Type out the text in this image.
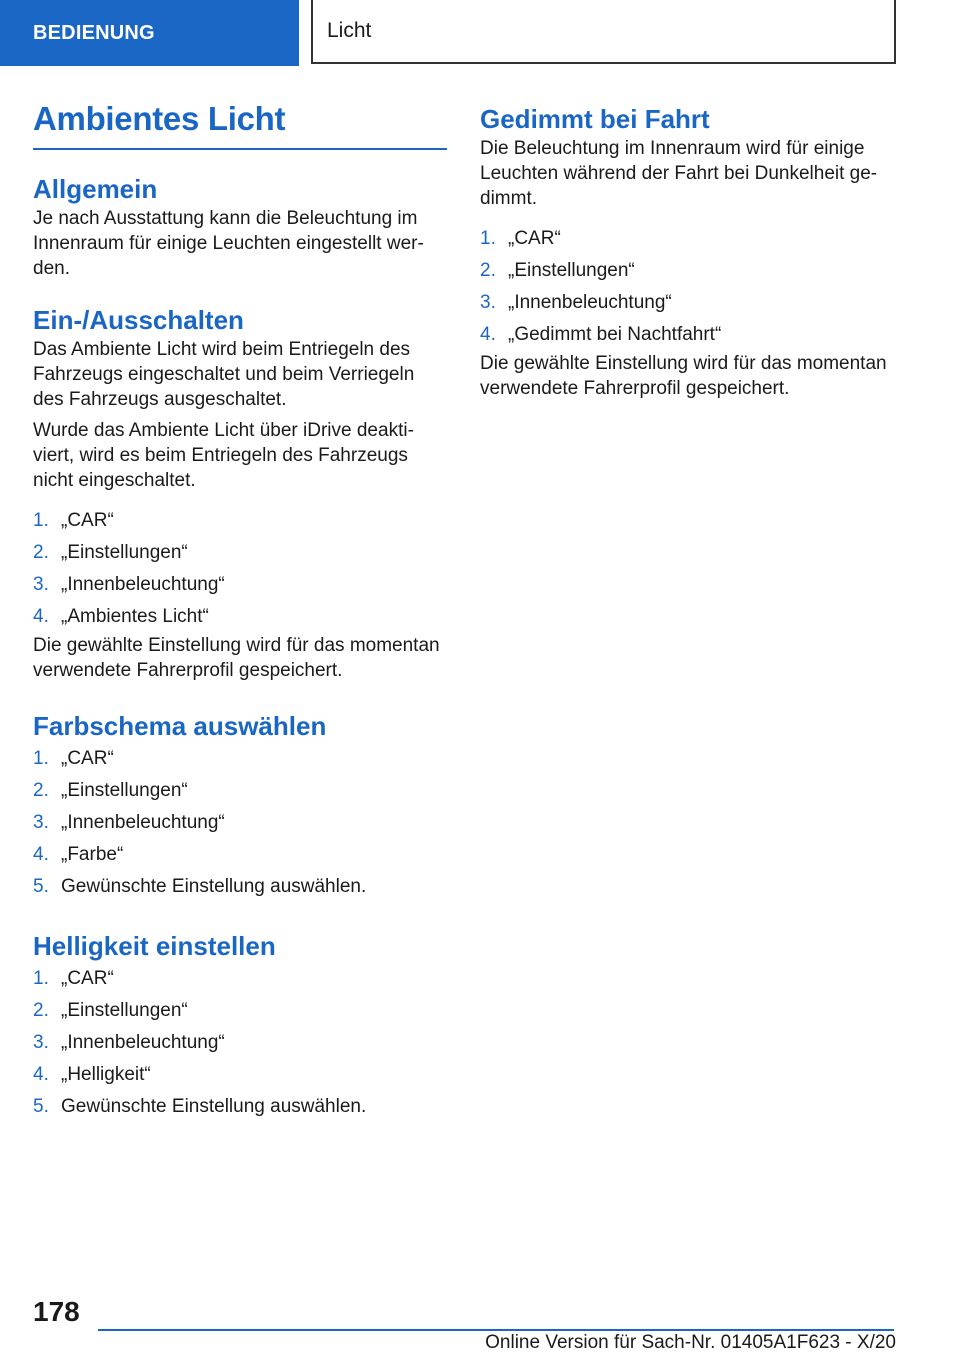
BEDIENUNG	Licht
Ambientes Licht
Allgemein

Je nach Ausstattung kann die Beleuchtung im Innenraum für einige Leuchten eingestellt wer-den.

Ein-/Ausschalten

Das Ambiente Licht wird beim Entriegeln des Fahrzeugs eingeschaltet und beim Verriegeln des Fahrzeugs ausgeschaltet.

Wurde das Ambiente Licht über iDrive deakti-viert, wird es beim Entriegeln des Fahrzeugs nicht eingeschaltet.

1. „CAR“
2. „Einstellungen“
3. „Innenbeleuchtung“
4. „Ambientes Licht“

Die gewählte Einstellung wird für das momentan verwendete Fahrerprofil gespeichert.

Farbschema auswählen
1. „CAR“
2. „Einstellungen“
3. „Innenbeleuchtung“
4. „Farbe“
5. Gewünschte Einstellung auswählen.
Helligkeit einstellen
1. „CAR“
2. „Einstellungen“
3. „Innenbeleuchtung“
4. „Helligkeit“
5. Gewünschte Einstellung auswählen.
Gedimmt bei Fahrt

Die Beleuchtung im Innenraum wird für einige Leuchten während der Fahrt bei Dunkelheit ge-dimmt.

1. „CAR“
2. „Einstellungen“
3. „Innenbeleuchtung“
4. „Gedimmt bei Nachtfahrt“

Die gewählte Einstellung wird für das momentan verwendete Fahrerprofil gespeichert.

178
Online Version für Sach-Nr. 01405A1F623 - X/20
